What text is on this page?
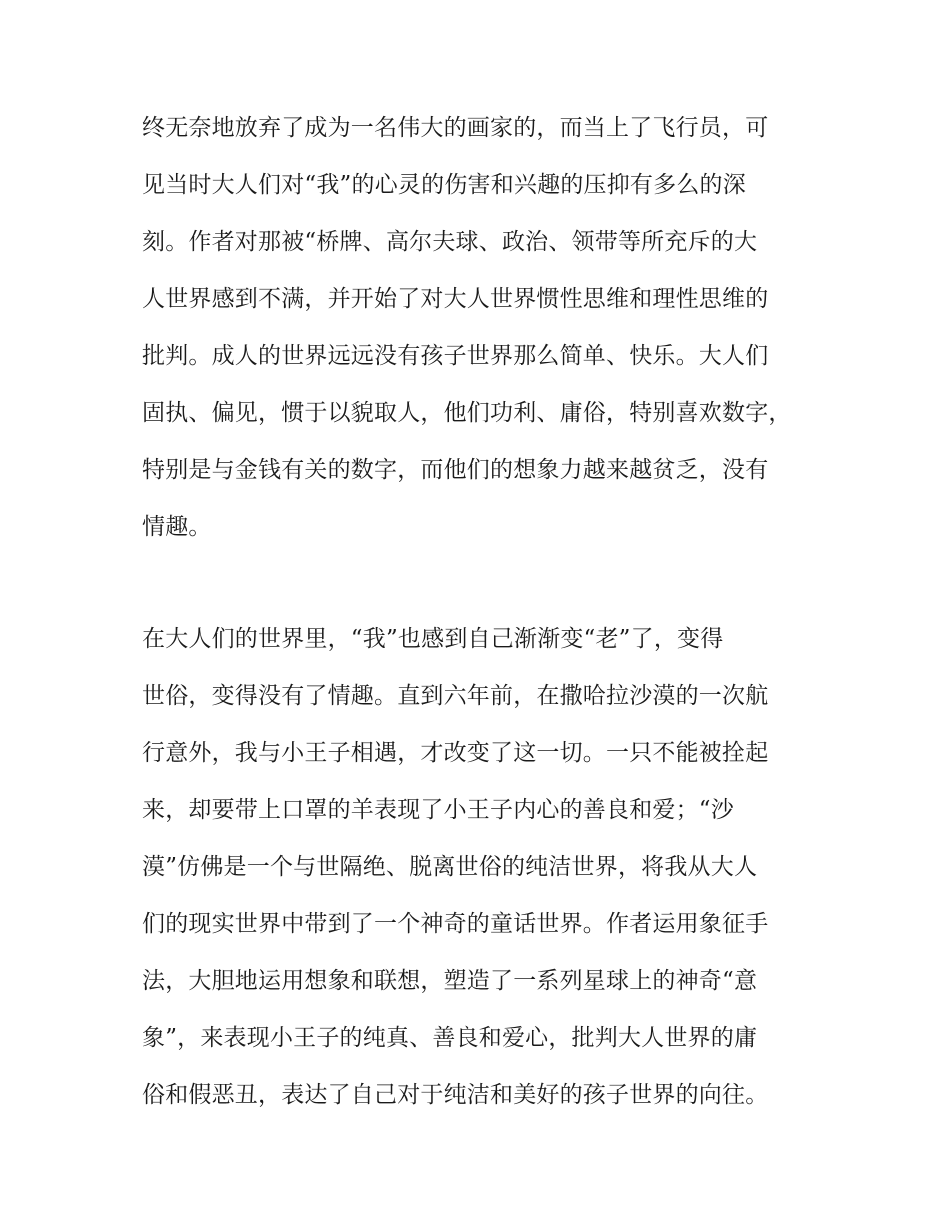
终无奈地放弃了成为一名伟大的画家的，而当上了飞行员，可
见当时大人们对“我”的心灵的伤害和兴趣的压抑有多么的深
刻。作者对那被“桥牌、高尔夫球、政治、领带等所充斥的大
人世界感到不满，并开始了对大人世界惯性思维和理性思维的
批判。成人的世界远远没有孩子世界那么简单、快乐。大人们
固执、偏见，惯于以貌取人，他们功利、庸俗，特别喜欢数字，
特别是与金钱有关的数字，而他们的想象力越来越贫乏，没有
情趣。
在大人们的世界里，“我”也感到自己渐渐变“老”了，变得
世俗，变得没有了情趣。直到六年前，在撒哈拉沙漠的一次航
行意外，我与小王子相遇，才改变了这一切。一只不能被拴起
来，却要带上口罩的羊表现了小王子内心的善良和爱；“沙
漠”仿佛是一个与世隔绝、脱离世俗的纯洁世界，将我从大人
们的现实世界中带到了一个神奇的童话世界。作者运用象征手
法，大胆地运用想象和联想，塑造了一系列星球上的神奇“意
象”，来表现小王子的纯真、善良和爱心，批判大人世界的庸
俗和假恶丑，表达了自己对于纯洁和美好的孩子世界的向往。
